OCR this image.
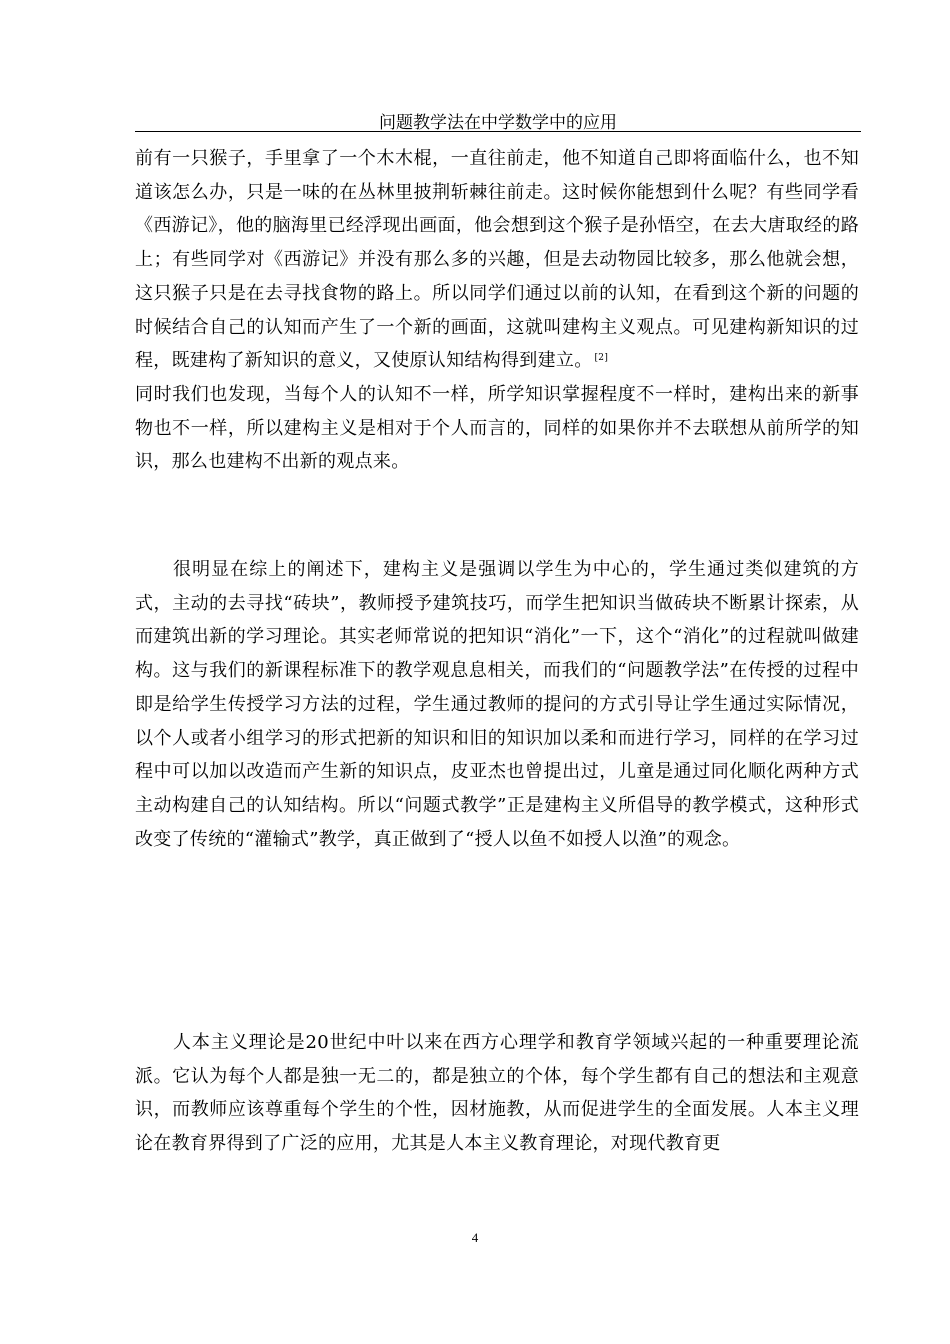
问题教学法在中学数学中的应用

前有一只猴子，手里拿了一个木木棍，一直往前走，他不知道自己即将面临什么，也不知道该怎么办，只是一味的在丛林里披荆斩棘往前走。这时候你能想到什么呢？有些同学看《西游记》，他的脑海里已经浮现出画面，他会想到这个猴子是孙悟空，在去大唐取经的路上；有些同学对《西游记》并没有那么多的兴趣，但是去动物园比较多，那么他就会想，这只猴子只是在去寻找食物的路上。所以同学们通过以前的认知，在看到这个新的问题的时候结合自己的认知而产生了一个新的画面，这就叫建构主义观点。可见建构新知识的过程，既建构了新知识的意义，又使原认知结构得到建立。 [2]
同时我们也发现，当每个人的认知不一样，所学知识掌握程度不一样时，建构出来的新事物也不一样，所以建构主义是相对于个人而言的，同样的如果你并不去联想从前所学的知识，那么也建构不出新的观点来。

很明显在综上的阐述下，建构主义是强调以学生为中心的，学生通过类似建筑的方式，主动的去寻找“砖块”，教师授予建筑技巧，而学生把知识当做砖块不断累计探索，从而建筑出新的学习理论。其实老师常说的把知识“消化”一下，这个“消化”的过程就叫做建构。这与我们的新课程标准下的教学观息息相关，而我们的“问题教学法”在传授的过程中即是给学生传授学习方法的过程，学生通过教师的提问的方式引导让学生通过实际情况，以个人或者小组学习的形式把新的知识和旧的知识加以柔和而进行学习，同样的在学习过程中可以加以改造而产生新的知识点，皮亚杰也曾提出过，儿童是通过同化顺化两种方式主动构建自己的认知结构。所以“问题式教学”正是建构主义所倡导的教学模式，这种形式改变了传统的“灌输式”教学，真正做到了“授人以鱼不如授人以渔”的观念。

人本主义理论是20世纪中叶以来在西方心理学和教育学领域兴起的一种重要理论流派。它认为每个人都是独一无二的，都是独立的个体，每个学生都有自己的想法和主观意识，而教师应该尊重每个学生的个性，因材施教，从而促进学生的全面发展。人本主义理论在教育界得到了广泛的应用，尤其是人本主义教育理论，对现代教育更

4
